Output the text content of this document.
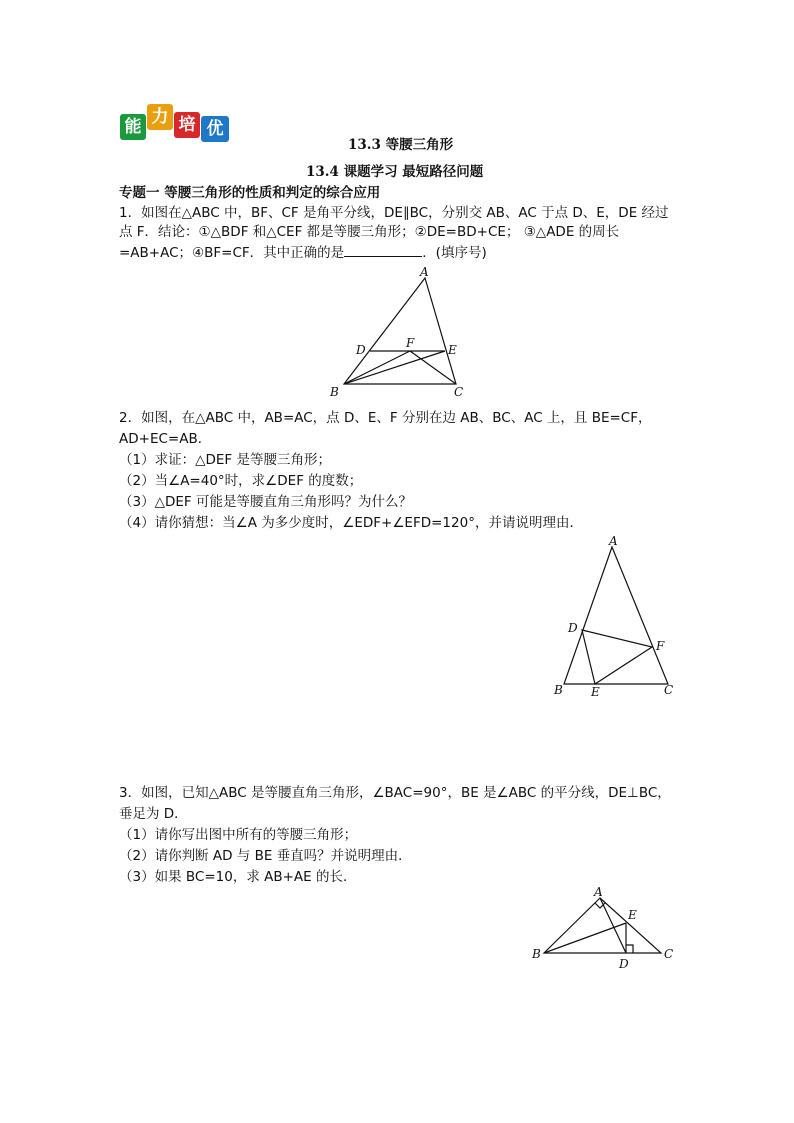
能 力 培 优
13.3 等腰三角形
13.4 课题学习 最短路径问题
专题一 等腰三角形的性质和判定的综合应用
1．如图在△ABC 中，BF、CF 是角平分线，DE∥BC，分别交 AB、AC 于点 D、E，DE 经过
点 F．结论：①△BDF 和△CEF 都是等腰三角形；②DE=BD+CE； ③△ADE 的周长
=AB+AC；④BF=CF．其中正确的是	．(填序号)
A
B	C
D	E
F
2．如图，在△ABC 中，AB=AC，点 D、E、F 分别在边 AB、BC、AC 上，且 BE=CF，
AD+EC=AB．
（1）求证：△DEF 是等腰三角形；
（2）当∠A=40°时，求∠DEF 的度数；
（3）△DEF 可能是等腰直角三角形吗？为什么？
（4）请你猜想：当∠A 为多少度时，∠EDF+∠EFD=120°，并请说明理由．
A
B	C
D
E
F
3．如图，已知△ABC 是等腰直角三角形，∠BAC=90°，BE 是∠ABC 的平分线，DE⊥BC，
垂足为 D．
（1）请你写出图中所有的等腰三角形；
（2）请你判断 AD 与 BE 垂直吗？并说明理由．
（3）如果 BC=10，求 AB+AE 的长．
A
B	C
D
E
